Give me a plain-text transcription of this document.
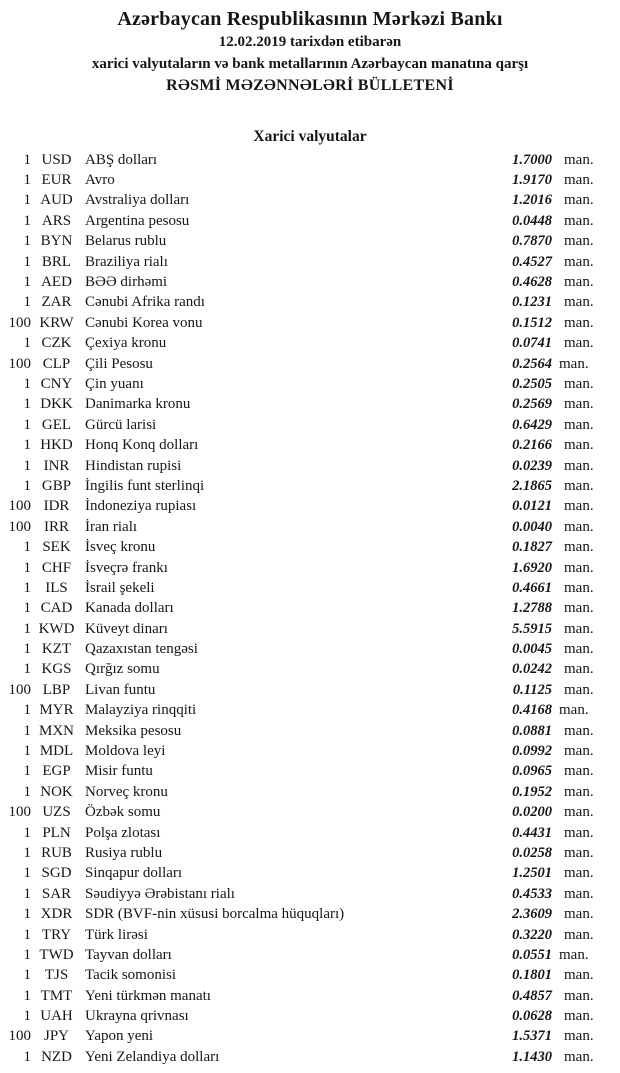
Azərbaycan Respublikasının Mərkəzi Bankı
12.02.2019 tarixdən etibarən
xarici valyutaların və bank metallarının Azərbaycan manatına qarşı
RƏSMİ MƏZƏNNƏLƏRİ BÜLLETENİ
Xarici valyutalar
1 USD ABŞ dolları	1.7000 man.
1 EUR Avro	1.9170 man.
1 AUD Avstraliya dolları	1.2016 man.
1 ARS Argentina pesosu	0.0448 man.
1 BYN Belarus rublu	0.7870 man.
1 BRL Braziliya rialı	0.4527 man.
1 AED BƏƏ dirhəmi	0.4628 man.
1 ZAR Cənubi Afrika randı	0.1231 man.
100 KRW Cənubi Korea vonu	0.1512 man.
1 CZK Çexiya kronu	0.0741 man.
100 CLP Çili Pesosu	0.2564 man.
1 CNY Çin yuanı	0.2505 man.
1 DKK Danimarka kronu	0.2569 man.
1 GEL Gürcü larisi	0.6429 man.
1 HKD Honq Konq dolları	0.2166 man.
1 INR	Hindistan rupisi	0.0239 man.
1 GBP İngilis funt sterlinqi	2.1865 man.
100 IDR	İndoneziya rupiası	0.0121 man.
100 IRR	İran rialı	0.0040 man.
1 SEK İsveç kronu	0.1827 man.
1 CHF İsveçrə frankı	1.6920 man.
1 ILS	İsrail şekeli	0.4661 man.
1 CAD Kanada dolları	1.2788 man.
1 KWD Küveyt dinarı	5.5915 man.
1 KZT Qazaxıstan tengəsi	0.0045 man.
1 KGS Qırğız somu	0.0242 man.
100 LBP Livan funtu	0.1125 man.
1 MYR Malayziya rinqqiti	0.4168 man.
1 MXN Meksika pesosu	0.0881 man.
1 MDL Moldova leyi	0.0992 man.
1 EGP Misir funtu	0.0965 man.
1 NOK Norveç kronu	0.1952 man.
100 UZS Özbək somu	0.0200 man.
1 PLN Polşa zlotası	0.4431 man.
1 RUB Rusiya rublu	0.0258 man.
1 SGD Sinqapur dolları	1.2501 man.
1 SAR Səudiyyə Ərəbistanı rialı	0.4533 man.
1 XDR SDR (BVF-nin xüsusi borcalma hüquqları)	2.3609 man.
1 TRY Türk lirəsi	0.3220 man.
1 TWD Tayvan dolları	0.0551 man.
1 TJS	Tacik somonisi	0.1801 man.
1 TMT Yeni türkmən manatı	0.4857 man.
1 UAH Ukrayna qrivnası	0.0628 man.
100 JPY	Yapon yeni	1.5371 man.
1 NZD Yeni Zelandiya dolları	1.1430 man.
